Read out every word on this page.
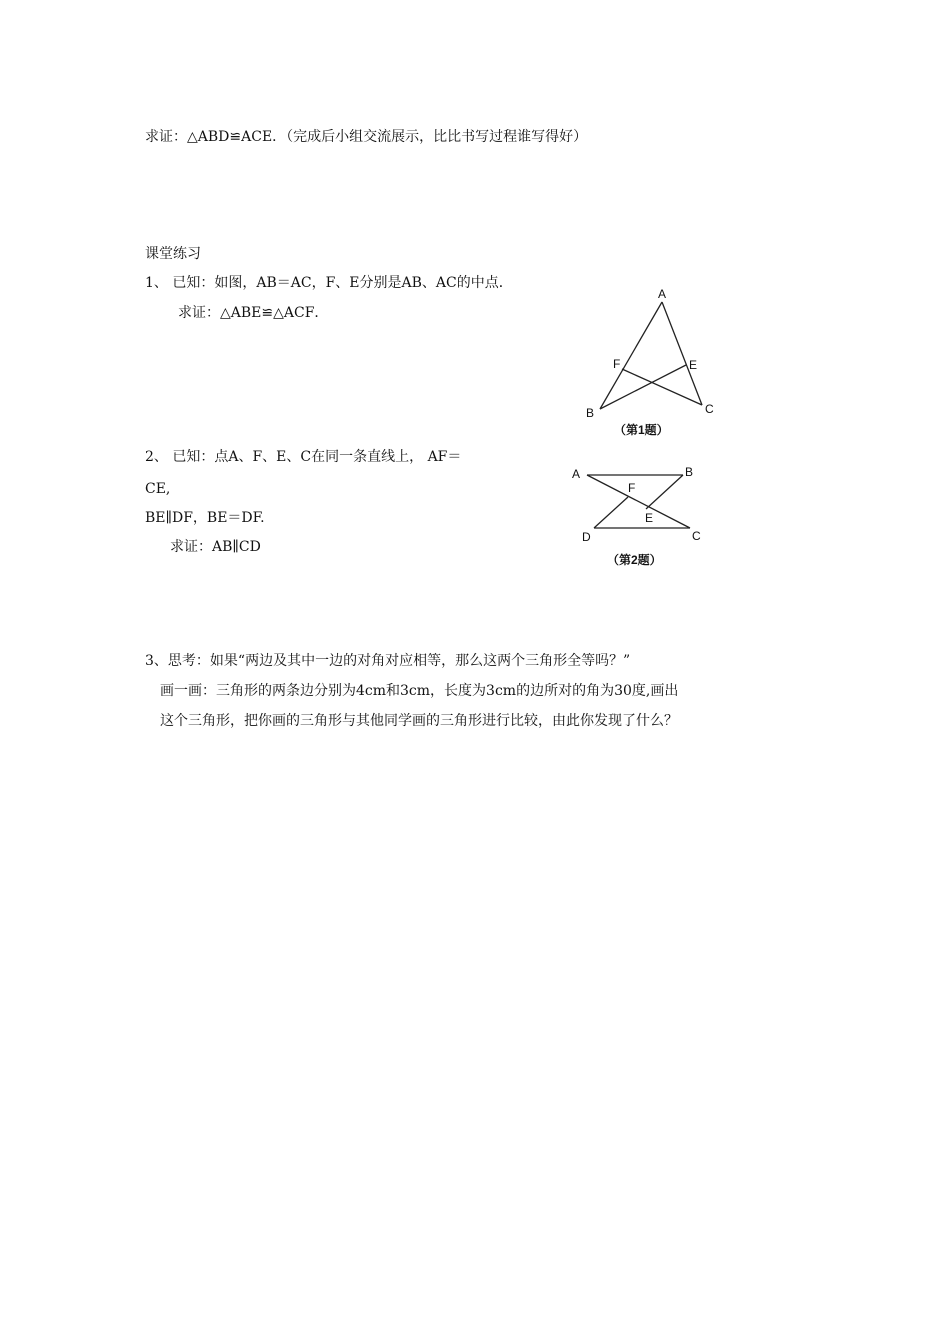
求证：△ABD≌ACE．（完成后小组交流展示，比比书写过程谁写得好）
课堂练习
1、 已知：如图，AB＝AC，F、E分别是AB、AC的中点．
求证：△ABE≌△ACF．
A
F	E
B	C
（第1题）
2、 已知：点A、F、E、C在同一条直线上， AF＝
CE,
BE∥DF，BE＝DF.
求证：AB∥CD
A	B
F
E
D	C
（第2题）
3、思考：如果“两边及其中一边的对角对应相等，那么这两个三角形全等吗？”
画一画：三角形的两条边分别为4cm和3cm，长度为3cm的边所对的角为30度,画出
这个三角形，把你画的三角形与其他同学画的三角形进行比较，由此你发现了什么？
